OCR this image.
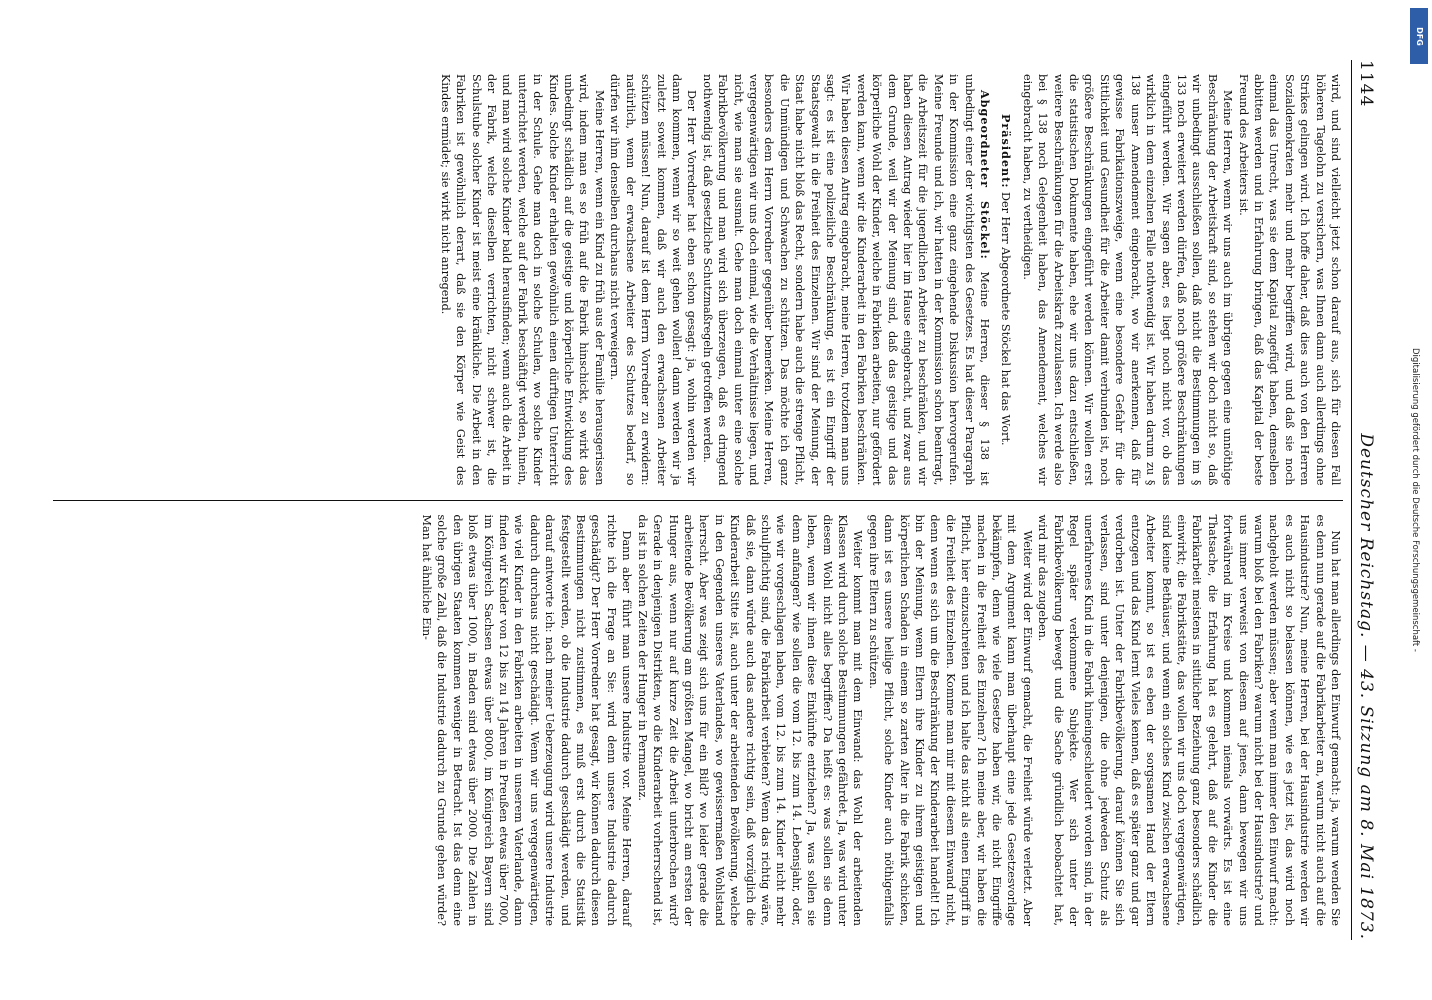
1144
Deutscher Reichstag. — 43. Sitzung am 8. Mai 1873.

wird, und sind vielleicht jetzt schon darauf aus, sich für diesen Fall höheren Tagelohn zu versichern, was Ihnen dann auch allerdings ohne Strikes gelingen wird. Ich hoffe daher, daß dies auch von den Herren Sozialdemokraten mehr und mehr begriffen wird, und daß sie noch einmal das Unrecht, was sie dem Kapital zugefügt haben, demselben abbitten werden und in Erfahrung bringen, daß das Kapital der beste Freund des Arbeiters ist.

Meine Herren, wenn wir uns auch im übrigen gegen eine unnöthige Beschränkung der Arbeitskraft sind, so stehen wir doch nicht so, daß wir unbedingt ausschließen sollen, daß nicht die Bestimmungen im § 133 noch erweitert werden dürfen, daß noch größere Beschränkungen eingeführt werden. Wir sagen aber, es liegt noch nicht vor, ob das wirklich in dem einzelnen Falle nothwendig ist. Wir haben darum zu § 138 unser Amendement eingebracht, wo wir anerkennen, daß für gewisse Fabrikationszweige, wenn eine besondere Gefahr für die Sittlichkeit und Gesundheit für die Arbeiter damit verbunden ist, noch größere Beschränkungen eingeführt werden können. Wir wollen erst die statistischen Dokumente haben, ehe wir uns dazu entschließen, weitere Beschränkungen für die Arbeitskraft zuzulassen. Ich werde also bei § 138 noch Gelegenheit haben, das Amendement, welches wir eingebracht haben, zu vertheidigen.

Präsident: Der Herr Abgeordnete Stöckel hat das Wort.

Abgeordneter Stöckel: Meine Herren, dieser § 138 ist unbedingt einer der wichtigsten des Gesetzes. Es hat dieser Paragraph in der Kommission eine ganz eingehende Diskussion hervorgerufen. Meine Freunde und ich, wir hatten in der Kommission schon beantragt, die Arbeitszeit für die jugendlichen Arbeiter zu beschränken, und wir haben diesen Antrag wieder hier im Hause eingebracht, und zwar aus dem Grunde, weil wir der Meinung sind, daß das geistige und das körperliche Wohl der Kinder, welche in Fabriken arbeiten, nur gefördert werden kann, wenn wir die Kinderarbeit in den Fabriken beschränken. Wir haben diesen Antrag eingebracht, meine Herren, trotzdem man uns sagt: es ist eine polizeiliche Beschränkung, es ist ein Eingriff der Staatsgewalt in die Freiheit des Einzelnen. Wir sind der Meinung, der Staat habe nicht bloß das Recht, sondern habe auch die strenge Pflicht, die Unmündigen und Schwachen zu schützen. Das möchte ich ganz besonders dem Herrn Vorredner gegenüber bemerken. Meine Herren, vergegenwärtigen wir uns doch einmal, wie die Verhältnisse liegen, und nicht, wie man sie ausmalt. Gehe man doch einmal unter eine solche Fabrikbevölkerung und man wird sich überzeugen, daß es dringend nothwendig ist, daß gesetzliche Schutzmaßregeln getroffen werden.

Der Herr Vorredner hat eben schon gesagt: ja, wohin werden wir dann kommen, wenn wir so weit gehen wollen! dann werden wir ja zuletzt soweit kommen, daß wir auch den erwachsenen Arbeiter schützen müssen! Nun, darauf ist dem Herrn Vorredner zu erwidern: natürlich, wenn der erwachsene Arbeiter des Schutzes bedarf, so dürfen wir ihm denselben durchaus nicht verweigern.

Meine Herren, wenn ein Kind zu früh aus der Familie herausgerissen wird, indem man es so früh auf die Fabrik hinschickt, so wirkt das unbedingt schädlich auf die geistige und körperliche Entwicklung des Kindes. Solche Kinder erhalten gewöhnlich einen dürftigen Unterricht in der Schule. Gehe man doch in solche Schulen, wo solche Kinder unterrichtet werden, welche auf der Fabrik beschäftigt werden, hinein, und man wird solche Kinder bald herausfinden; wenn auch die Arbeit in der Fabrik, welche dieselben verrichten, nicht schwer ist, die Schulstube solcher Kinder ist meist eine kränkliche. Die Arbeit in den Fabriken ist gewöhnlich derart, daß sie den Körper wie Geist des Kindes ermüdet; sie wirkt nicht anregend.

Nun hat man allerdings den Einwurf gemacht: ja, warum wenden Sie es denn nun gerade auf die Fabrikarbeiter an, warum nicht auch auf die Hausindustrie? Nun, meine Herren, bei der Hausindustrie werden wir es auch nicht so belassen können, wie es jetzt ist, das wird noch nachgeholt werden müssen; aber wenn man immer den Einwurf macht: warum bloß bei den Fabriken? warum nicht bei der Hausindustrie? und uns immer verweist von diesem auf jenes, dann bewegen wir uns fortwährend im Kreise und kommen niemals vorwärts. Es ist eine Thatsache, die Erfahrung hat es gelehrt, daß auf die Kinder die Fabrikarbeit meistens in sittlicher Beziehung ganz besonders schädlich einwirkt; die Fabrikstätte, das wollen wir uns doch vergegenwärtigen, sind keine Bethäuser, und wenn ein solches Kind zwischen erwachsene Arbeiter kommt, so ist es eben der sorgsamen Hand der Eltern entzogen und das Kind lernt Vieles kennen, daß es später ganz und gar verdorben ist. Unter der Fabrikbevölkerung, darauf können Sie sich verlassen, sind unter denjenigen, die ohne jedweden Schutz als unerfahrenes Kind in die Fabrik hineingeschleudert worden sind, in der Regel später verkommene Subjekte. Wer sich unter der Fabrikbevölkerung bewegt und die Sache gründlich beobachtet hat, wird mir das zugeben.

Weiter wird der Einwurf gemacht, die Freiheit würde verletzt. Aber mit dem Argument kann man überhaupt eine jede Gesetzesvorlage bekämpfen, denn wie viele Gesetze haben wir, die nicht Eingriffe machen in die Freiheit des Einzelnen? Ich meine aber, wir haben die Pflicht, hier einzuschreiten und ich halte das nicht als einen Eingriff in die Freiheit des Einzelnen. Komme man mir mit diesem Einwand nicht, denn wenn es sich um die Beschränkung der Kinderarbeit handelt! Ich bin der Meinung, wenn Eltern ihre Kinder zu ihrem geistigen und körperlichen Schaden in einem so zarten Alter in die Fabrik schicken, dann ist es unsere heilige Pflicht, solche Kinder auch nöthigenfalls gegen ihre Eltern zu schützen.

Weiter kommt man mit dem Einwand: das Wohl der arbeitenden Klassen wird durch solche Bestimmungen gefährdet. Ja, was wird unter diesem Wohl nicht alles begriffen? Da heißt es: was sollen sie denn leben, wenn wir ihnen diese Einkünfte entziehen? Ja, was sollen sie denn anfangen? wie sollen die vom 12. bis zum 14. Lebensjahr, oder, wie wir vorgeschlagen haben, vom 12. bis zum 14. Kinder nicht mehr schulpflichtig sind, die Fabrikarbeit verbieten? Wenn das richtig wäre, daß sie, dann würde auch das andere richtig sein, daß vorzüglich die Kinderarbeit Sitte ist, auch unter der arbeitenden Bevölkerung, welche in den Gegenden unseres Vaterlandes, wo gewissermaßen Wohlstand herrscht. Aber was zeigt sich uns für ein Bild? wo leider gerade die arbeitende Bevölkerung am größten Mangel, wo bricht am ersten der Hunger aus, wenn nur auf kurze Zeit die Arbeit unterbrochen wird? Gerade in denjenigen Distrikten, wo die Kinderarbeit vorherrschend ist, da ist in solchen Zeiten der Hunger in Permanenz.

Dann aber führt man unsere Industrie vor. Meine Herren, darauf richte ich die Frage an Sie: wird denn unsere Industrie dadurch geschädigt? Der Herr Vorredner hat gesagt, wir können dadurch diesen Bestimmungen nicht zustimmen, es muß erst durch die Statistik festgestellt werden, ob die Industrie dadurch geschädigt werden, und darauf antworte ich: nach meiner Ueberzeugung wird unsere Industrie dadurch durchaus nicht geschädigt. Wenn wir uns vergegenwärtigen, wie viel Kinder in den Fabriken arbeiten in unserem Vaterlande, dann finden wir Kinder von 12 bis zu 14 Jahren in Preußen etwas über 7000, im Königreich Sachsen etwas über 8000, im Königreich Bayern sind bloß etwas über 1000, in Baden sind etwas über 2000. Die Zahlen in den übrigen Staaten kommen weniger in Betracht. Ist das denn eine solche große Zahl, daß die Industrie dadurch zu Grunde gehen würde? Man hat ähnliche Ein-	Digitalisierung gefördert durch die Deutsche Forschungsgemeinschaft -
DFG
